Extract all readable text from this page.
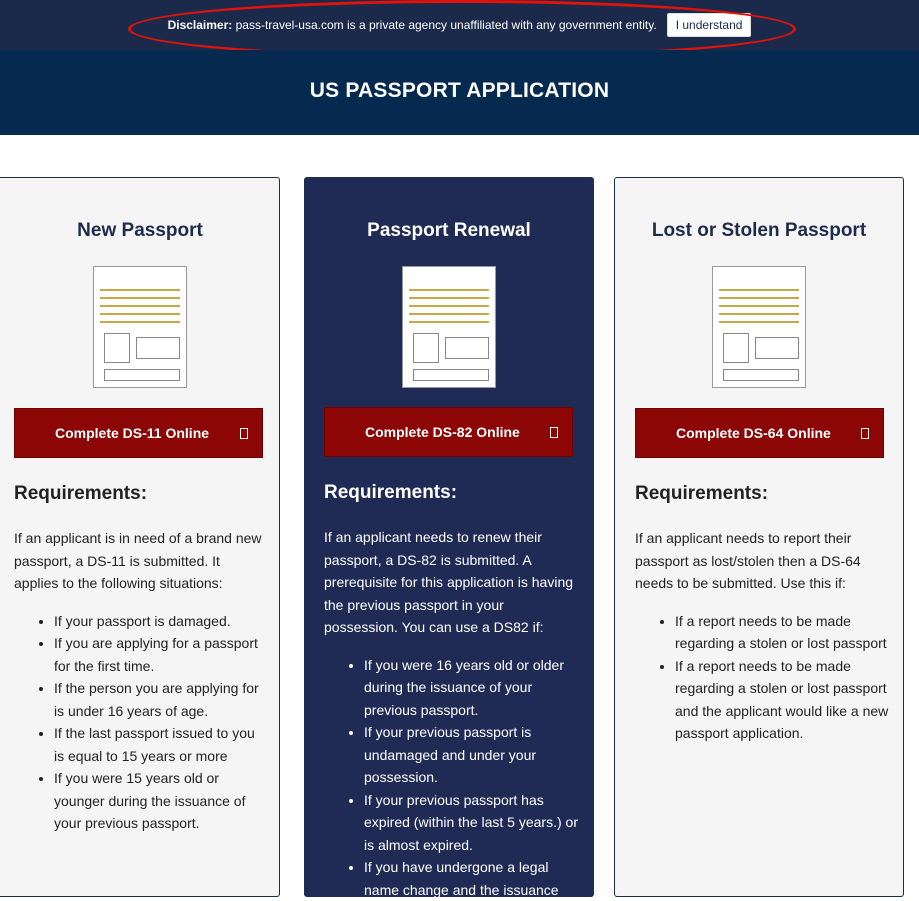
Disclaimer: pass-travel-usa.com is a private agency unaffiliated with any government entity.	I understand
US PASSPORT APPLICATION
New Passport
Complete DS-11 Online
Requirements:

If an applicant is in need of a brand new passport, a DS-11 is submitted. It applies to the following situations:

• If your passport is damaged.
• If you are applying for a passport for the first time.
• If the person you are applying for is under 16 years of age.
• If the last passport issued to you is equal to 15 years or more
• If you were 15 years old or younger during the issuance of your previous passport.
Passport Renewal
Complete DS-82 Online
Requirements:

If an applicant needs to renew their passport, a DS-82 is submitted. A prerequisite for this application is having the previous passport in your possession. You can use a DS82 if:

• If you were 16 years old or older during the issuance of your previous passport.
• If your previous passport is undamaged and under your possession.
• If your previous passport has expired (within the last 5 years.) or is almost expired.
• If you have undergone a legal name change and the issuance
Lost or Stolen Passport
Complete DS-64 Online
Requirements:

If an applicant needs to report their passport as lost/stolen then a DS-64 needs to be submitted. Use this if:

• If a report needs to be made regarding a stolen or lost passport
• If a report needs to be made regarding a stolen or lost passport and the applicant would like a new passport application.
